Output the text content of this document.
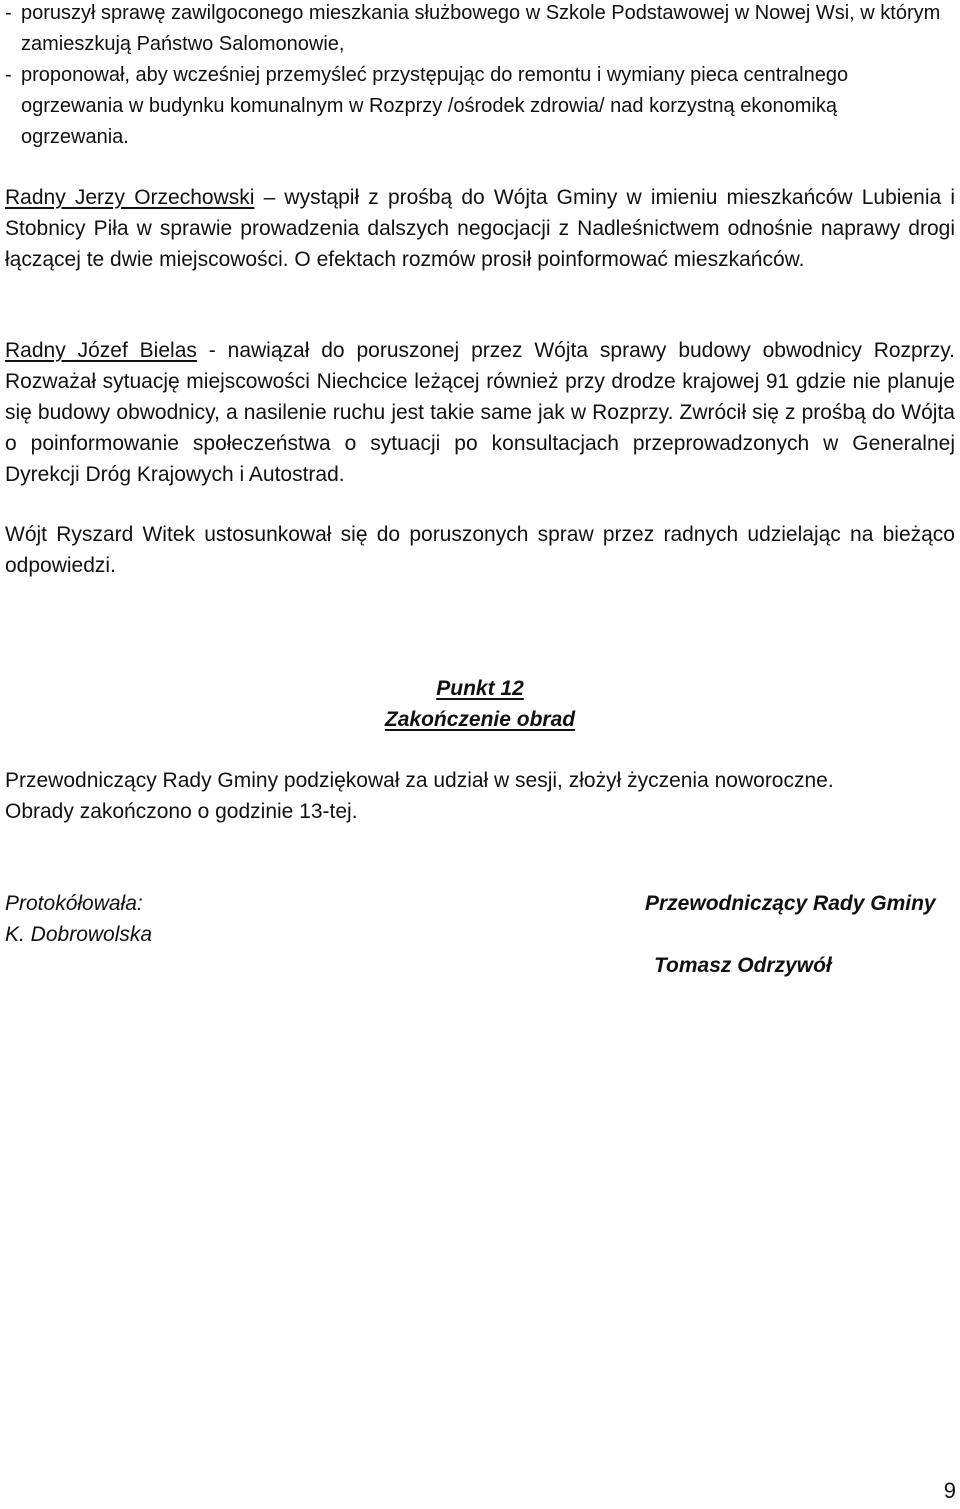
- poruszył sprawę zawilgoconego mieszkania służbowego w Szkole Podstawowej w Nowej Wsi, w którym zamieszkują Państwo Salomonowie,
- proponował, aby wcześniej przemyśleć przystępując do remontu i wymiany pieca centralnego ogrzewania w budynku komunalnym w Rozprzy /ośrodek zdrowia/ nad korzystną ekonomiką ogrzewania.

Radny Jerzy Orzechowski – wystąpił z prośbą do Wójta Gminy w imieniu mieszkańców Lubienia i Stobnicy Piła w sprawie prowadzenia dalszych negocjacji z Nadleśnictwem odnośnie naprawy drogi łączącej te dwie miejscowości. O efektach rozmów prosił poinformować mieszkańców.

Radny Józef Bielas - nawiązał do poruszonej przez Wójta sprawy budowy obwodnicy Rozprzy. Rozważał sytuację miejscowości Niechcice leżącej również przy drodze krajowej 91 gdzie nie planuje się budowy obwodnicy, a nasilenie ruchu jest takie same jak w Rozprzy. Zwrócił się z prośbą do Wójta o poinformowanie społeczeństwa o sytuacji po konsultacjach przeprowadzonych w Generalnej Dyrekcji Dróg Krajowych i Autostrad.

Wójt Ryszard Witek ustosunkował się do poruszonych spraw przez radnych udzielając na bieżąco odpowiedzi.

Punkt 12

Zakończenie obrad

Przewodniczący Rady Gminy podziękował za udział w sesji, złożył życzenia noworoczne.

Obrady zakończono o godzinie 13-tej.

Protokółowała:

K. Dobrowolska

Przewodniczący Rady Gminy

Tomasz Odrzywół

9
